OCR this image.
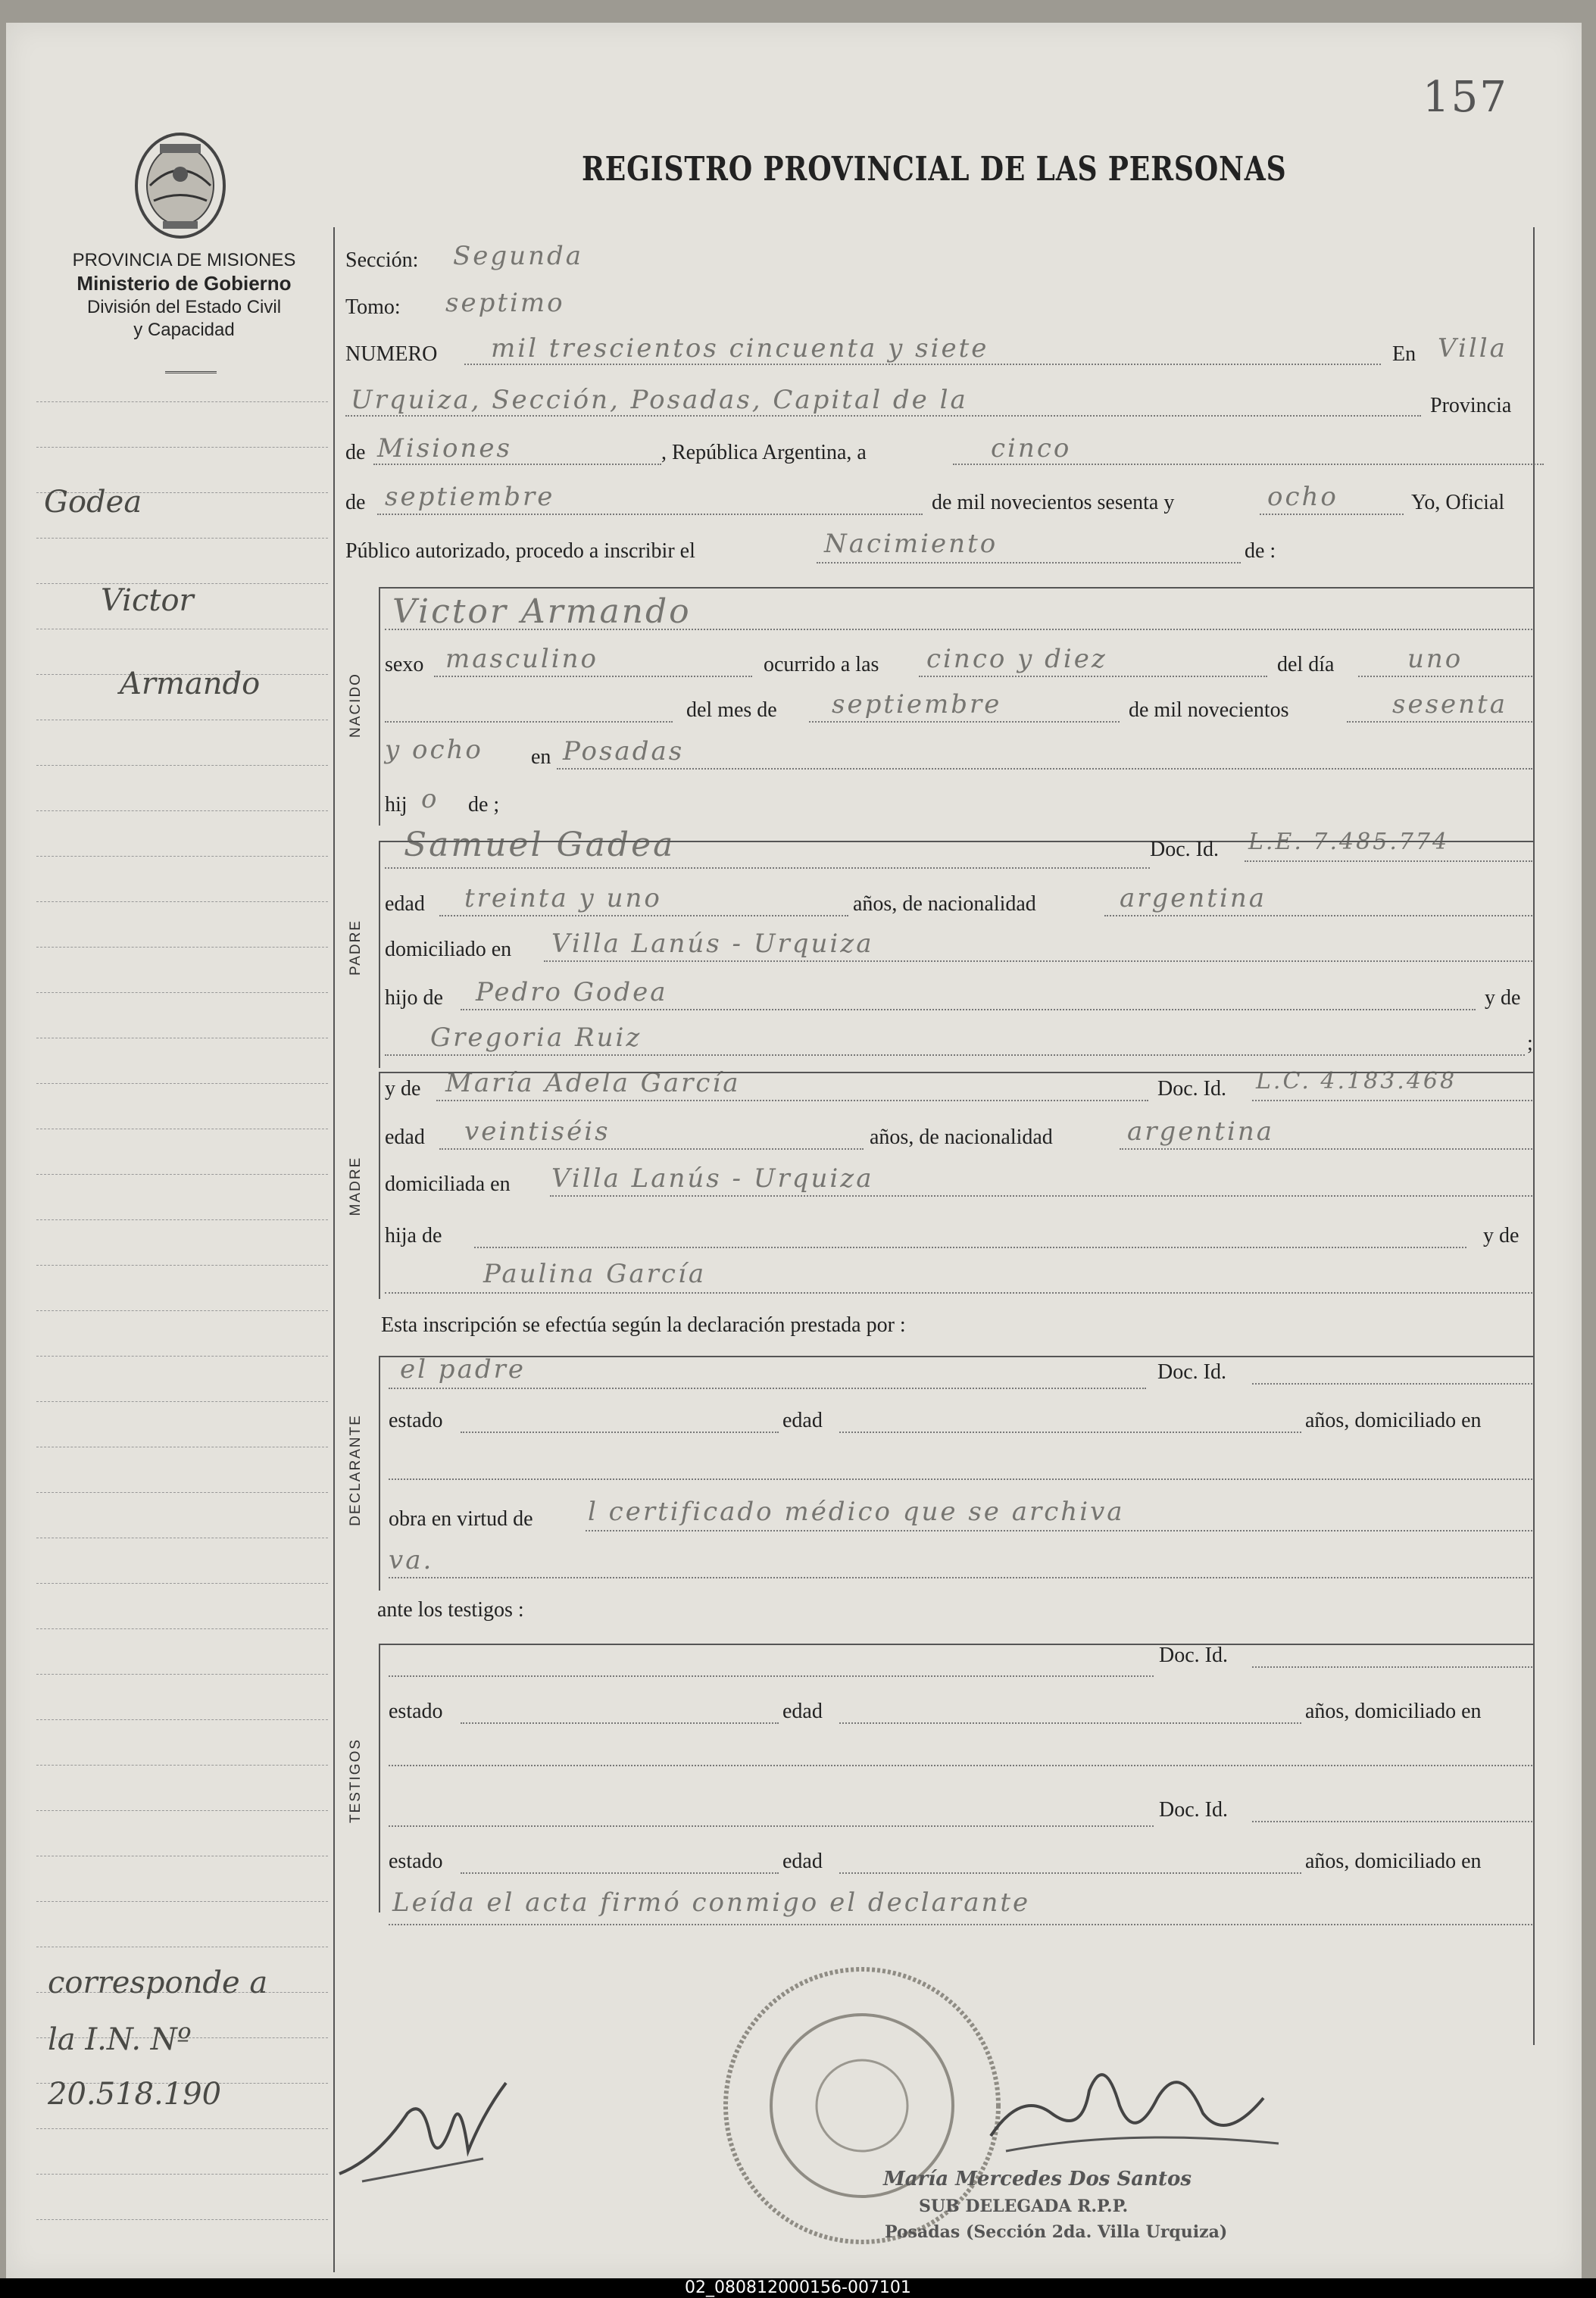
157
REGISTRO PROVINCIAL DE LAS PERSONAS
PROVINCIA DE MISIONES
Ministerio de Gobierno
División del Estado Civil
y Capacidad
Godea
Victor
Armando
corresponde a
la I.N. Nº
20.518.190
Sección: Segunda
Tomo: septimo
NUMERO mil trescientos cincuenta y siete	En Villa
Urquiza, Sección, Posadas, Capital de la	Provincia
de Misiones	, República Argentina, a	cinco
de septiembre	de mil novecientos sesenta y	ocho	Yo, Oficial
Público autorizado, procedo a inscribir el	Nacimiento	de :
NACIDO
Victor Armando
sexo masculino	ocurrido a las cinco y diez	del día	uno
del mes de septiembre	de mil novecientos	sesenta
y ocho en Posadas
hij o de ;
PADRE
Samuel Gadea	Doc. Id. L.E. 7.485.774
edad treinta y uno	años, de nacionalidad	argentina
domiciliado en Villa Lanús - Urquiza
hijo de Pedro Godea	y de
Gregoria Ruiz	;
MADRE
y de María Adela García	Doc. Id. L.C. 4.183.468
edad veintiséis	años, de nacionalidad	argentina
domiciliada en Villa Lanús - Urquiza
hija de	y de
Paulina García
Esta inscripción se efectúa según la declaración prestada por :
DECLARANTE
el padre	Doc. Id.
estado	edad	años, domiciliado en
obra en virtud de l certificado médico que se archiva
va.
ante los testigos :
TESTIGOS
Doc. Id.
estado	edad	años, domiciliado en
Doc. Id.
estado	edad	años, domiciliado en
Leída el acta firmó conmigo el declarante
María Mercedes Dos Santos
SUB DELEGADA R.P.P.
Posadas (Sección 2da. Villa Urquiza)
02_080812000156-007101
